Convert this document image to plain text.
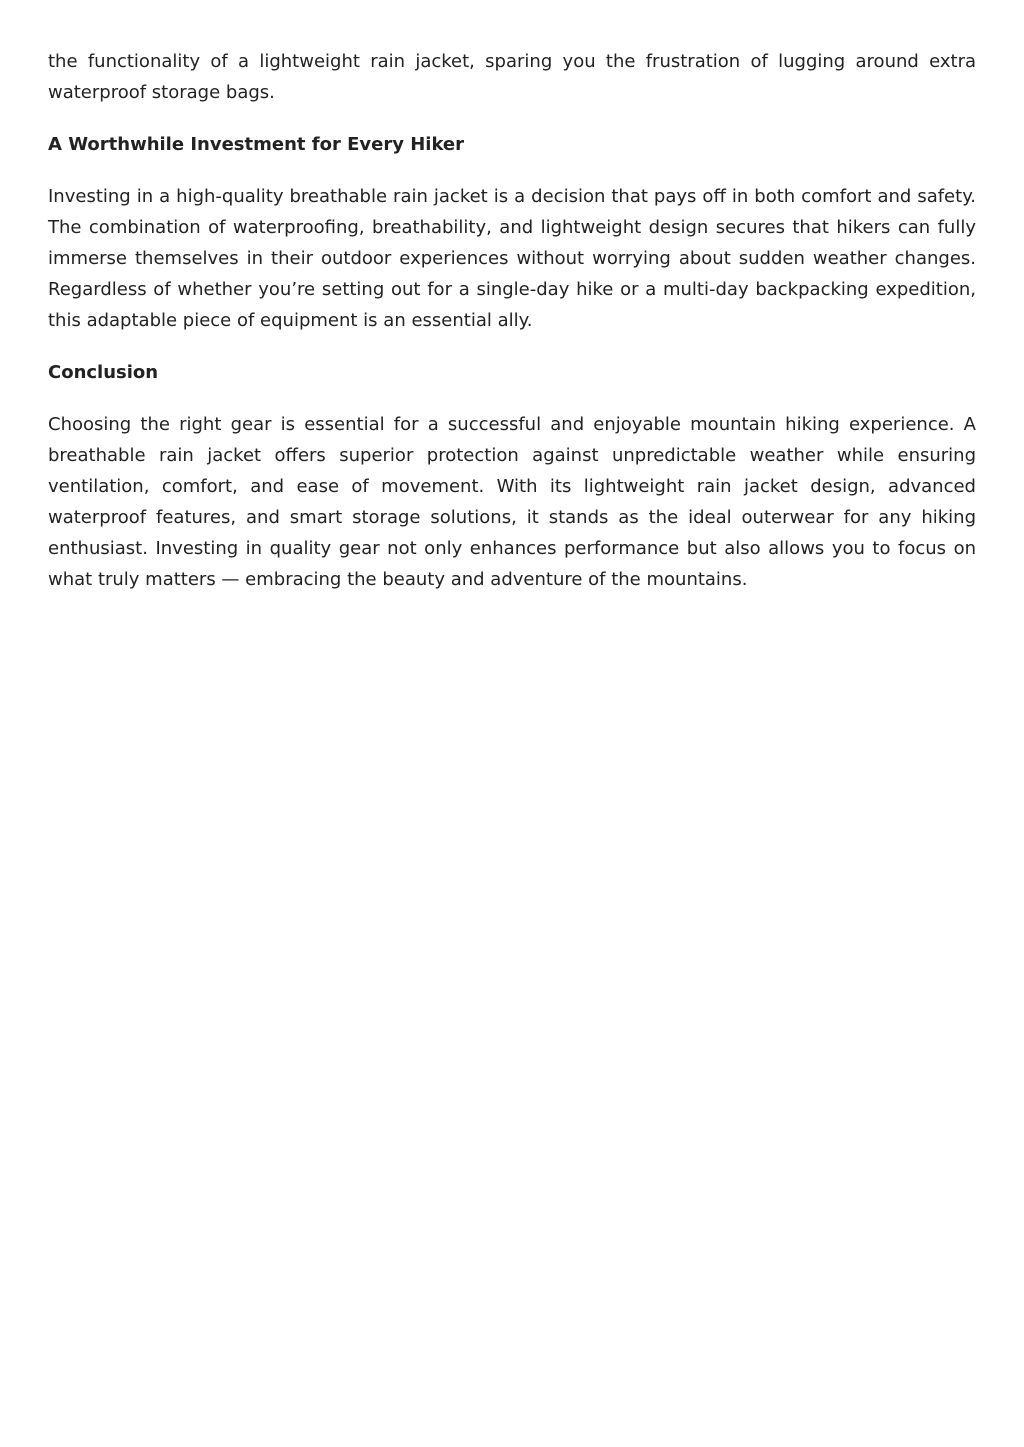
the functionality of a lightweight rain jacket, sparing you the frustration of lugging around extra waterproof storage bags.

A Worthwhile Investment for Every Hiker

Investing in a high-quality breathable rain jacket is a decision that pays off in both comfort and safety. The combination of waterproofing, breathability, and lightweight design secures that hikers can fully immerse themselves in their outdoor experiences without worrying about sudden weather changes. Regardless of whether you’re setting out for a single-day hike or a multi-day backpacking expedition, this adaptable piece of equipment is an essential ally.

Conclusion

Choosing the right gear is essential for a successful and enjoyable mountain hiking experience. A breathable rain jacket offers superior protection against unpredictable weather while ensuring ventilation, comfort, and ease of movement. With its lightweight rain jacket design, advanced waterproof features, and smart storage solutions, it stands as the ideal outerwear for any hiking enthusiast. Investing in quality gear not only enhances performance but also allows you to focus on what truly matters — embracing the beauty and adventure of the mountains.
